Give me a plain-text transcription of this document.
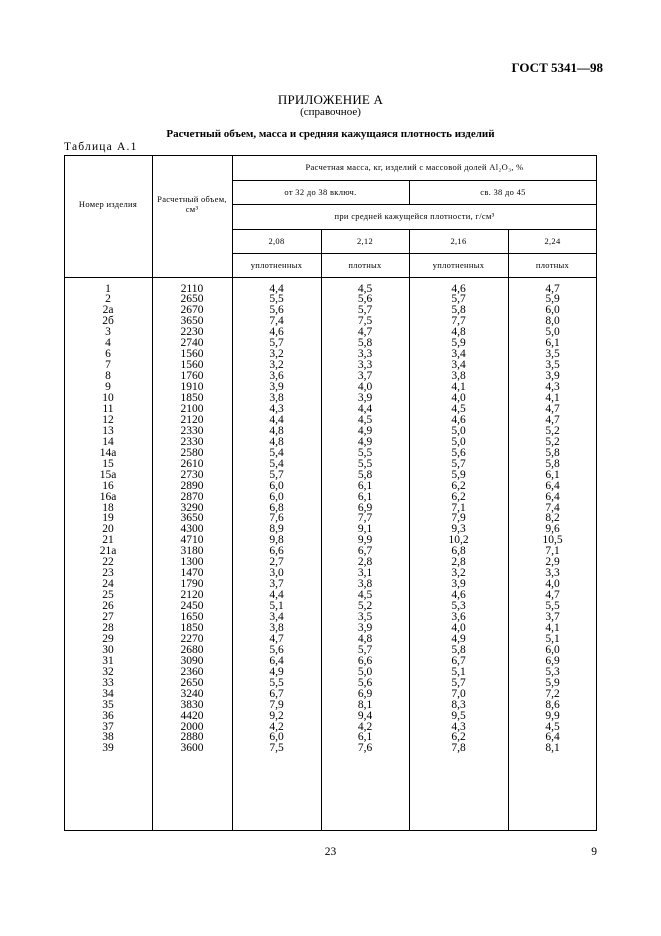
ГОСТ 5341—98
ПРИЛОЖЕНИЕ А
(справочное)
Расчетный объем, масса и средняя кажущаяся плотность изделий
Таблица А.1
Номер изделия	Расчетный объем, см³
Расчетная масса, кг, изделий с массовой долей Al₂O₃, %
от 32 до 38 включ.	св. 38 до 45
при средней кажущейся плотности, г/см³
2,08	2,12	2,16	2,24
уплотненных	плотных	уплотненных	плотных
1	2110	4,4	4,5	4,6	4,7
2	2650	5,5	5,6	5,7	5,9
2а	2670	5,6	5,7	5,8	6,0
2б	3650	7,4	7,5	7,7	8,0
3	2230	4,6	4,7	4,8	5,0
4	2740	5,7	5,8	5,9	6,1
6	1560	3,2	3,3	3,4	3,5
7	1560	3,2	3,3	3,4	3,5
8	1760	3,6	3,7	3,8	3,9
9	1910	3,9	4,0	4,1	4,3
10	1850	3,8	3,9	4,0	4,1
11	2100	4,3	4,4	4,5	4,7
12	2120	4,4	4,5	4,6	4,7
13	2330	4,8	4,9	5,0	5,2
14	2330	4,8	4,9	5,0	5,2
14а	2580	5,4	5,5	5,6	5,8
15	2610	5,4	5,5	5,7	5,8
15а	2730	5,7	5,8	5,9	6,1
16	2890	6,0	6,1	6,2	6,4
16а	2870	6,0	6,1	6,2	6,4
18	3290	6,8	6,9	7,1	7,4
19	3650	7,6	7,7	7,9	8,2
20	4300	8,9	9,1	9,3	9,6
21	4710	9,8	9,9	10,2	10,5
21а	3180	6,6	6,7	6,8	7,1
22	1300	2,7	2,8	2,8	2,9
23	1470	3,0	3,1	3,2	3,3
24	1790	3,7	3,8	3,9	4,0
25	2120	4,4	4,5	4,6	4,7
26	2450	5,1	5,2	5,3	5,5
27	1650	3,4	3,5	3,6	3,7
28	1850	3,8	3,9	4,0	4,1
29	2270	4,7	4,8	4,9	5,1
30	2680	5,6	5,7	5,8	6,0
31	3090	6,4	6,6	6,7	6,9
32	2360	4,9	5,0	5,1	5,3
33	2650	5,5	5,6	5,7	5,9
34	3240	6,7	6,9	7,0	7,2
35	3830	7,9	8,1	8,3	8,6
36	4420	9,2	9,4	9,5	9,9
37	2000	4,2	4,2	4,3	4,5
38	2880	6,0	6,1	6,2	6,4
39	3600	7,5	7,6	7,8	8,1
23	9
